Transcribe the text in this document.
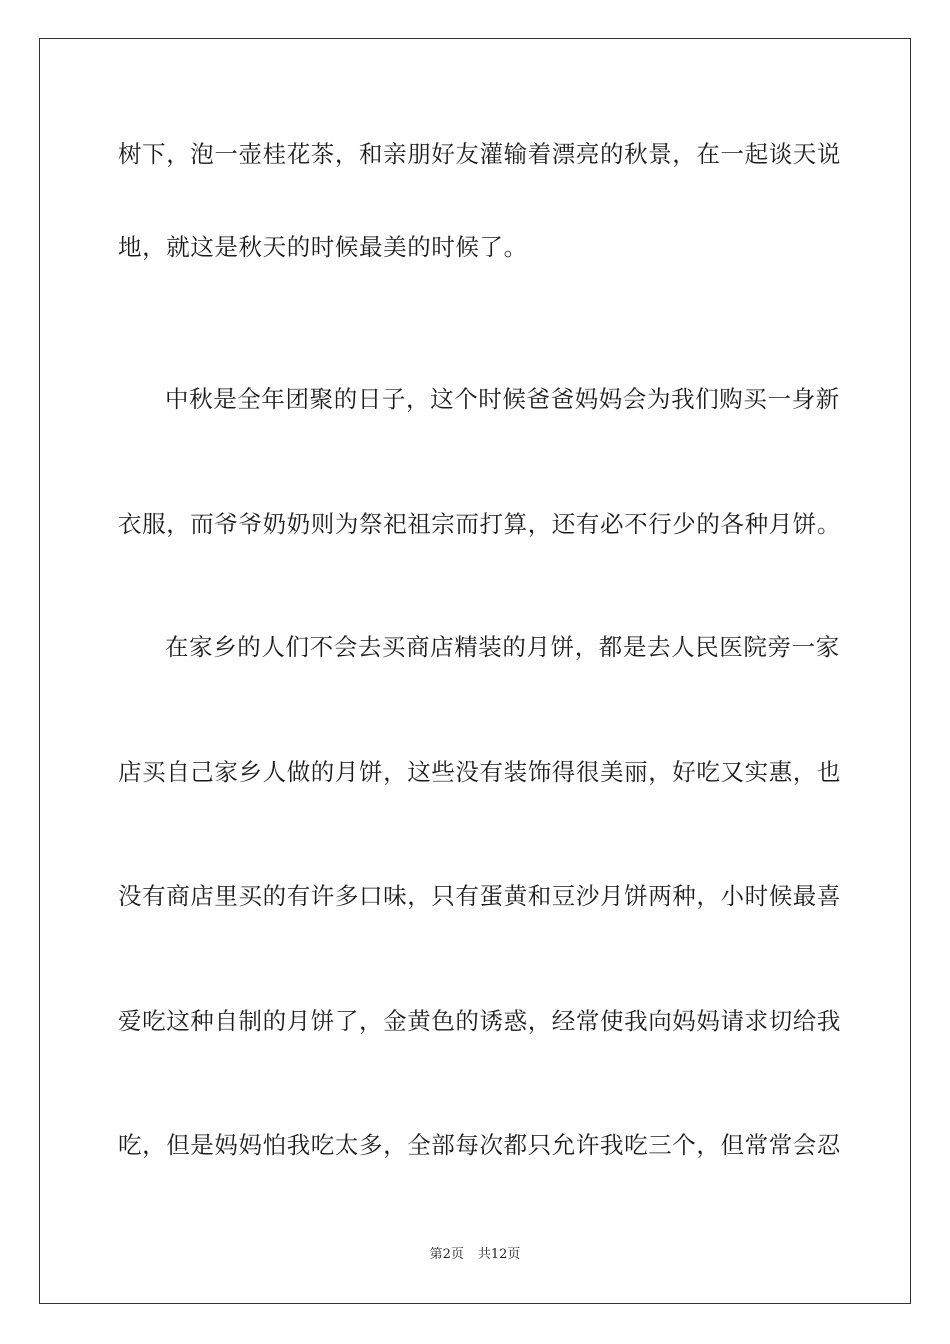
树下，泡一壶桂花茶，和亲朋好友灌输着漂亮的秋景，在一起谈天说
地，就这是秋天的时候最美的时候了。
中秋是全年团聚的日子，这个时候爸爸妈妈会为我们购买一身新
衣服，而爷爷奶奶则为祭祀祖宗而打算，还有必不行少的各种月饼。
在家乡的人们不会去买商店精装的月饼，都是去人民医院旁一家
店买自己家乡人做的月饼，这些没有装饰得很美丽，好吃又实惠，也
没有商店里买的有许多口味，只有蛋黄和豆沙月饼两种，小时候最喜
爱吃这种自制的月饼了，金黄色的诱惑，经常使我向妈妈请求切给我
吃，但是妈妈怕我吃太多，全部每次都只允许我吃三个，但常常会忍
第2页 共12页
